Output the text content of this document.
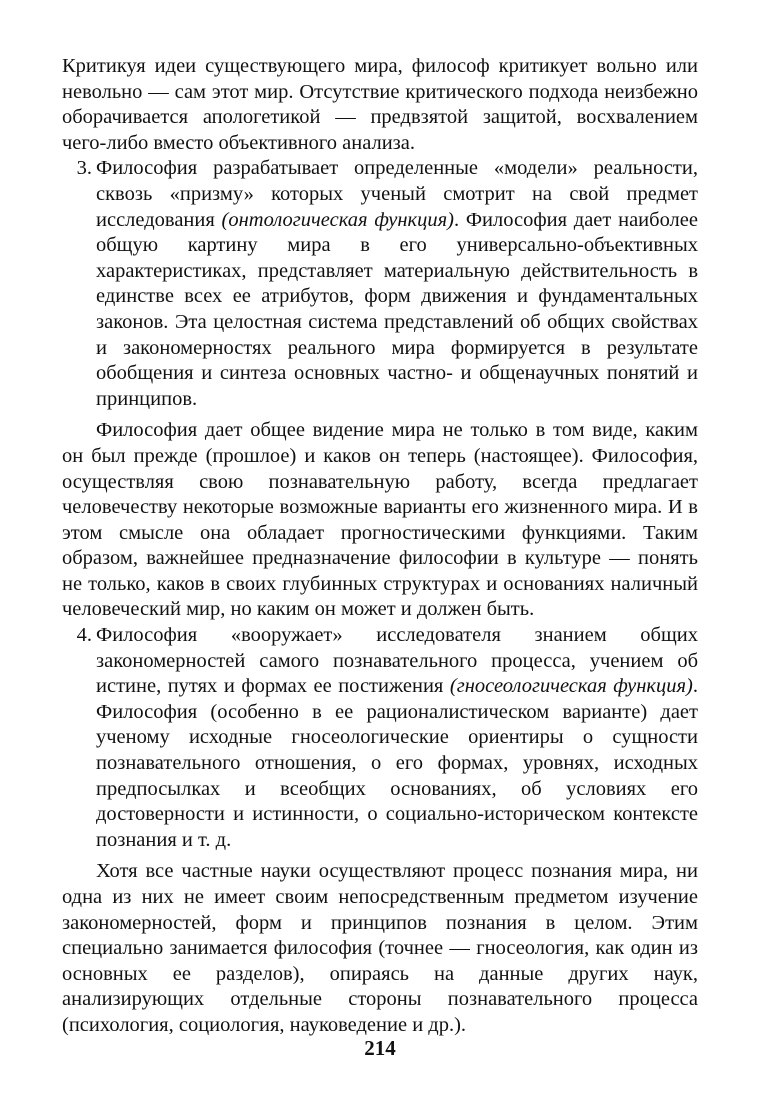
Критикуя идеи существующего мира, философ критикует вольно или невольно — сам этот мир. Отсутствие критического подхода неизбежно оборачивается апологетикой — предвзятой защитой, восхвалением чего-либо вместо объективного анализа.

3. Философия разрабатывает определенные «модели» реальности, сквозь «призму» которых ученый смотрит на свой предмет исследования (онтологическая функция). Философия дает наиболее общую картину мира в его универсально-объективных характеристиках, представляет материальную действительность в единстве всех ее атрибутов, форм движения и фундаментальных законов. Эта целостная система представлений об общих свойствах и закономерностях реального мира формируется в результате обобщения и синтеза основных частно- и общенаучных понятий и принципов.

Философия дает общее видение мира не только в том виде, каким он был прежде (прошлое) и каков он теперь (настоящее). Философия, осуществляя свою познавательную работу, всегда предлагает человечеству некоторые возможные варианты его жизненного мира. И в этом смысле она обладает прогностическими функциями. Таким образом, важнейшее предназначение философии в культуре — понять не только, каков в своих глубинных структурах и основаниях наличный человеческий мир, но каким он может и должен быть.

4. Философия «вооружает» исследователя знанием общих закономерностей самого познавательного процесса, учением об истине, путях и формах ее постижения (гносеологическая функция). Философия (особенно в ее рационалистическом варианте) дает ученому исходные гносеологические ориентиры о сущности познавательного отношения, о его формах, уровнях, исходных предпосылках и всеобщих основаниях, об условиях его достоверности и истинности, о социально-историческом контексте познания и т. д.

Хотя все частные науки осуществляют процесс познания мира, ни одна из них не имеет своим непосредственным предметом изучение закономерностей, форм и принципов познания в целом. Этим специально занимается философия (точнее — гносеология, как один из основных ее разделов), опираясь на данные других наук, анализирующих отдельные стороны познавательного процесса (психология, социология, науковедение и др.).

214
